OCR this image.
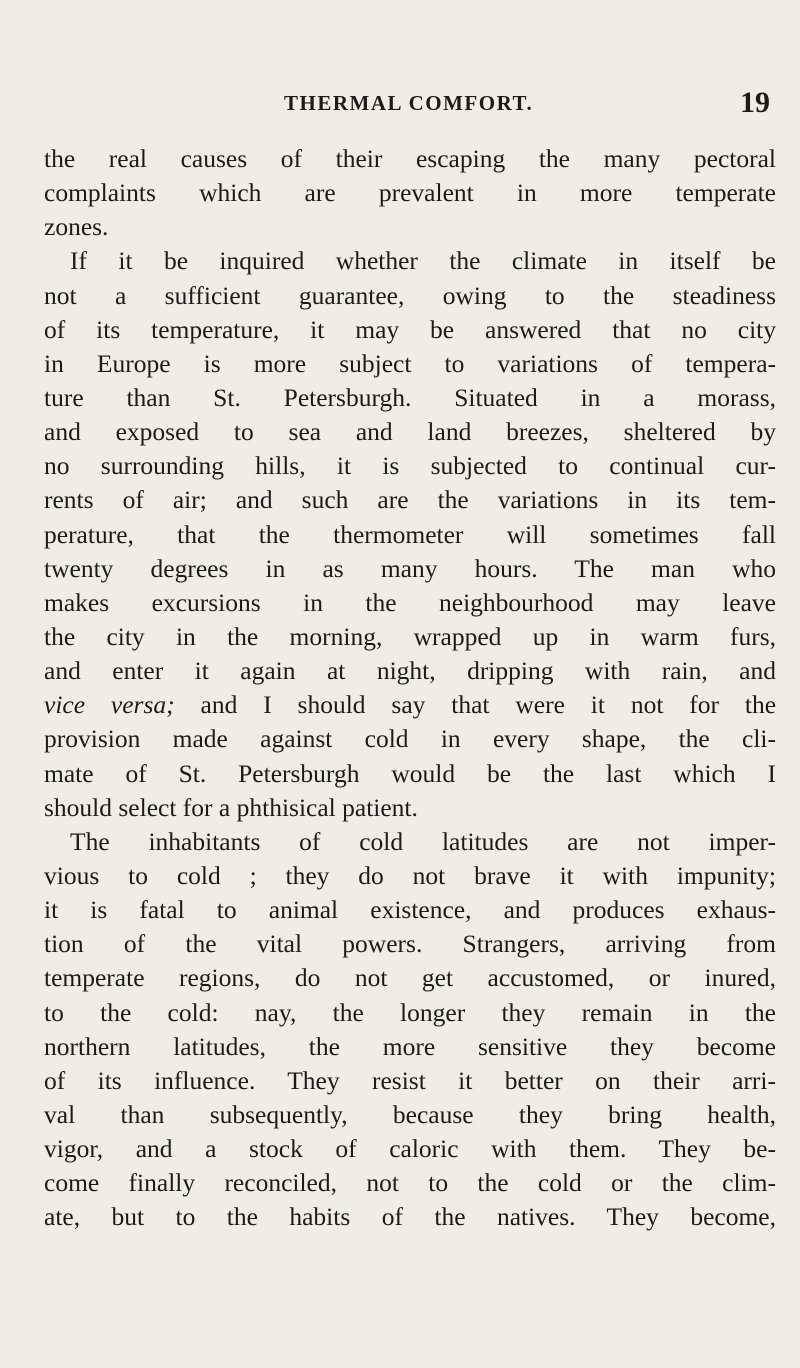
THERMAL COMFORT.	19
the real causes of their escaping the many pectoral
complaints which are prevalent in more temperate
zones.
If it be inquired whether the climate in itself be
not a sufficient guarantee, owing to the steadiness
of its temperature, it may be answered that no city
in Europe is more subject to variations of tempera-
ture than St. Petersburgh. Situated in a morass,
and exposed to sea and land breezes, sheltered by
no surrounding hills, it is subjected to continual cur-
rents of air; and such are the variations in its tem-
perature, that the thermometer will sometimes fall
twenty degrees in as many hours. The man who
makes excursions in the neighbourhood may leave
the city in the morning, wrapped up in warm furs,
and enter it again at night, dripping with rain, and
vice versa; and I should say that were it not for the
provision made against cold in every shape, the cli-
mate of St. Petersburgh would be the last which I
should select for a phthisical patient.
The inhabitants of cold latitudes are not imper-
vious to cold ; they do not brave it with impunity;
it is fatal to animal existence, and produces exhaus-
tion of the vital powers. Strangers, arriving from
temperate regions, do not get accustomed, or inured,
to the cold: nay, the longer they remain in the
northern latitudes, the more sensitive they become
of its influence. They resist it better on their arri-
val than subsequently, because they bring health,
vigor, and a stock of caloric with them. They be-
come finally reconciled, not to the cold or the clim-
ate, but to the habits of the natives. They become,
